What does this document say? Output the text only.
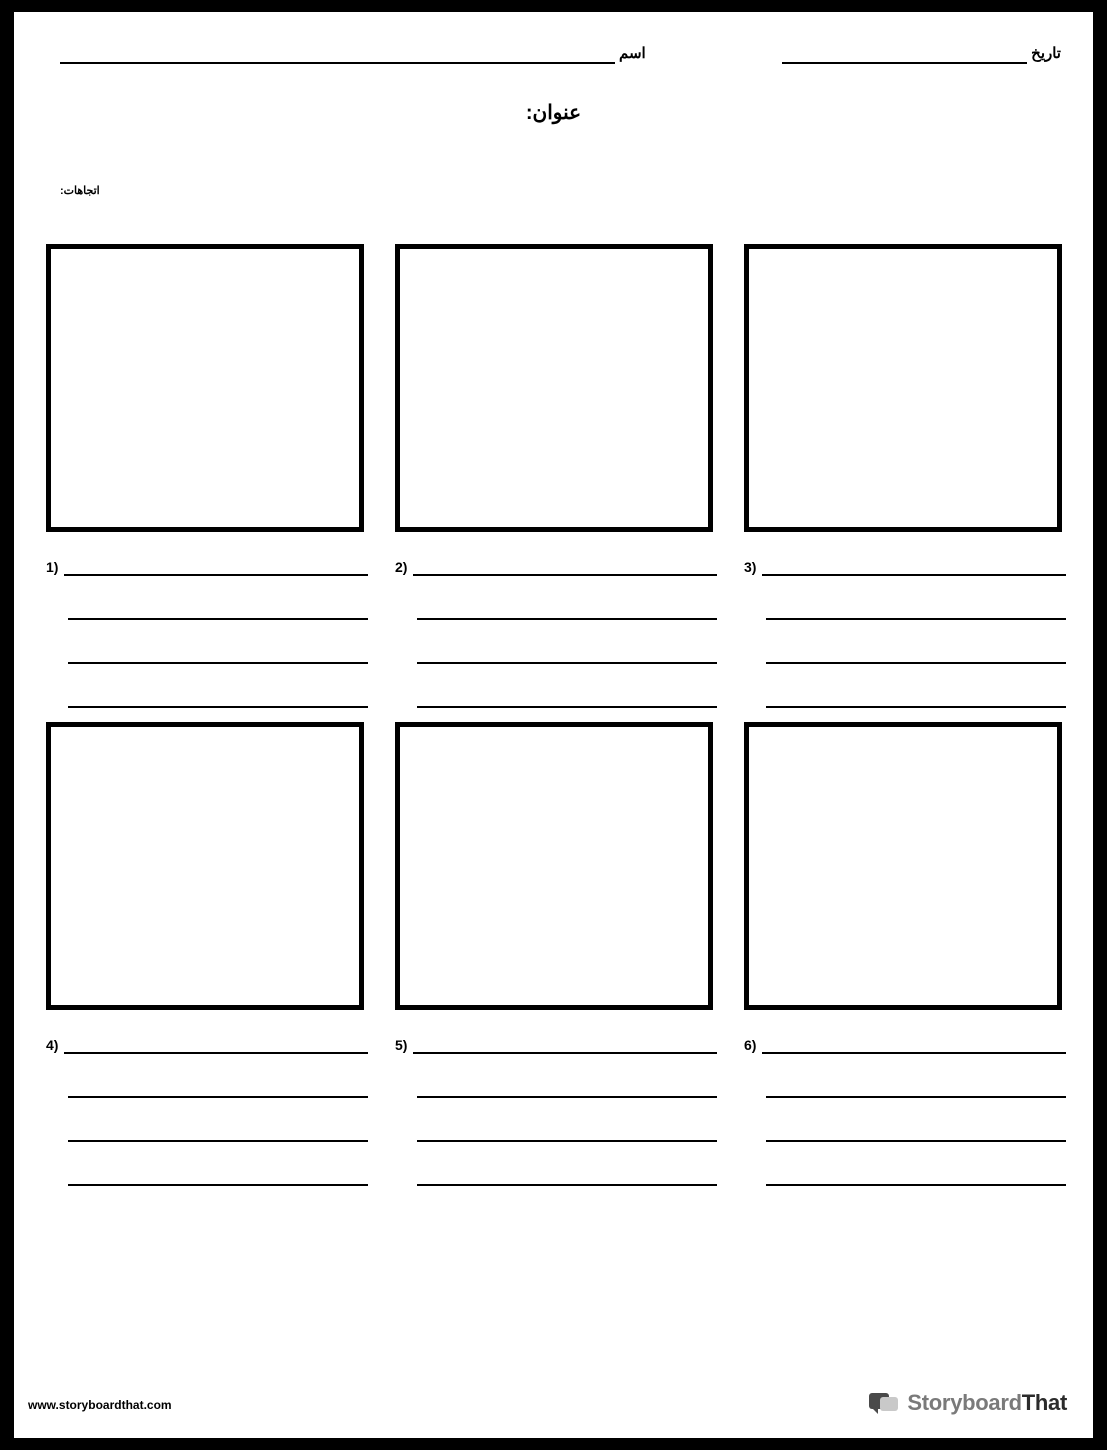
اسم	تاريخ
عنوان:
اتجاهات:
1)	2)	3)
4)	5)	6)
www.storyboardthat.com	StoryboardThat
